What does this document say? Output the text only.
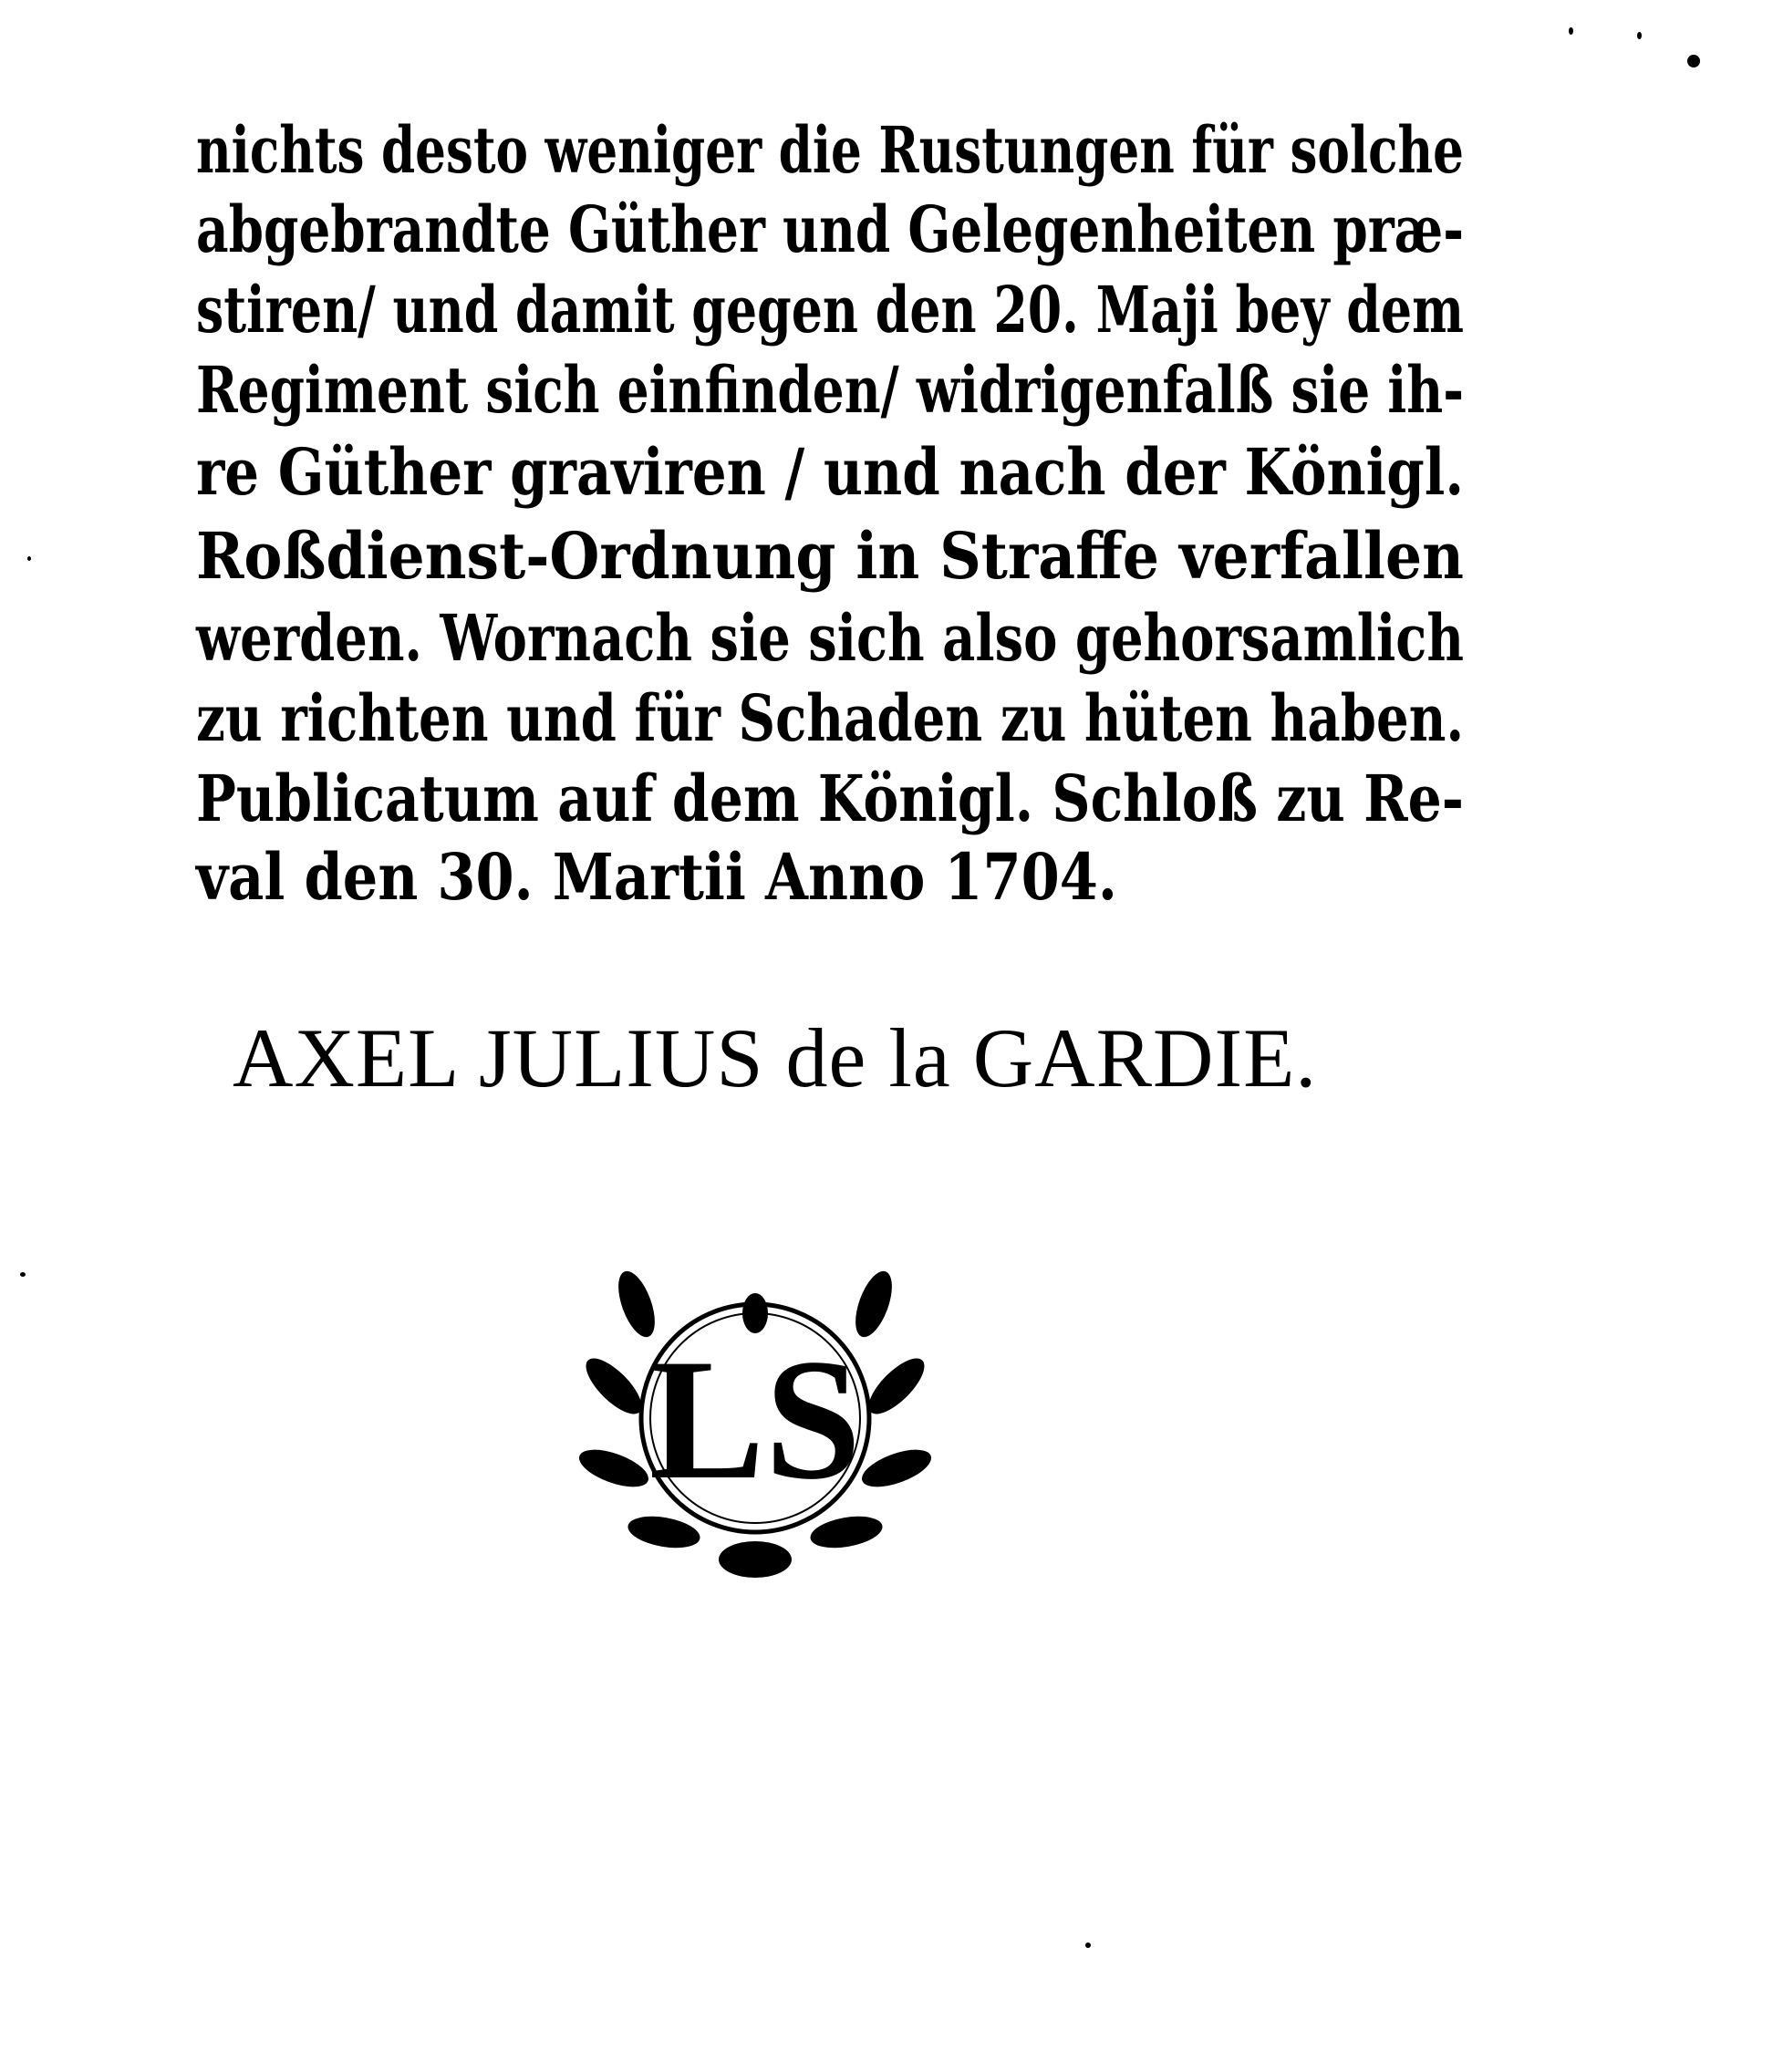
nichts desto weniger die Rustungen für solche
abgebrandte Güther und Gelegenheiten præ-
stiren/ und damit gegen den 20. Maji bey dem
Regiment sich einfinden/ widrigenfalß sie ih-
re Güther graviren / und nach der Königl.
Roßdienst-Ordnung in Straffe verfallen
werden. Wornach sie sich also gehorsamlich
zu richten und für Schaden zu hüten haben.
Publicatum auf dem Königl. Schloß zu Re-
val den 30. Martii Anno 1704.
AXEL JULIUS de la GARDIE.
LS
